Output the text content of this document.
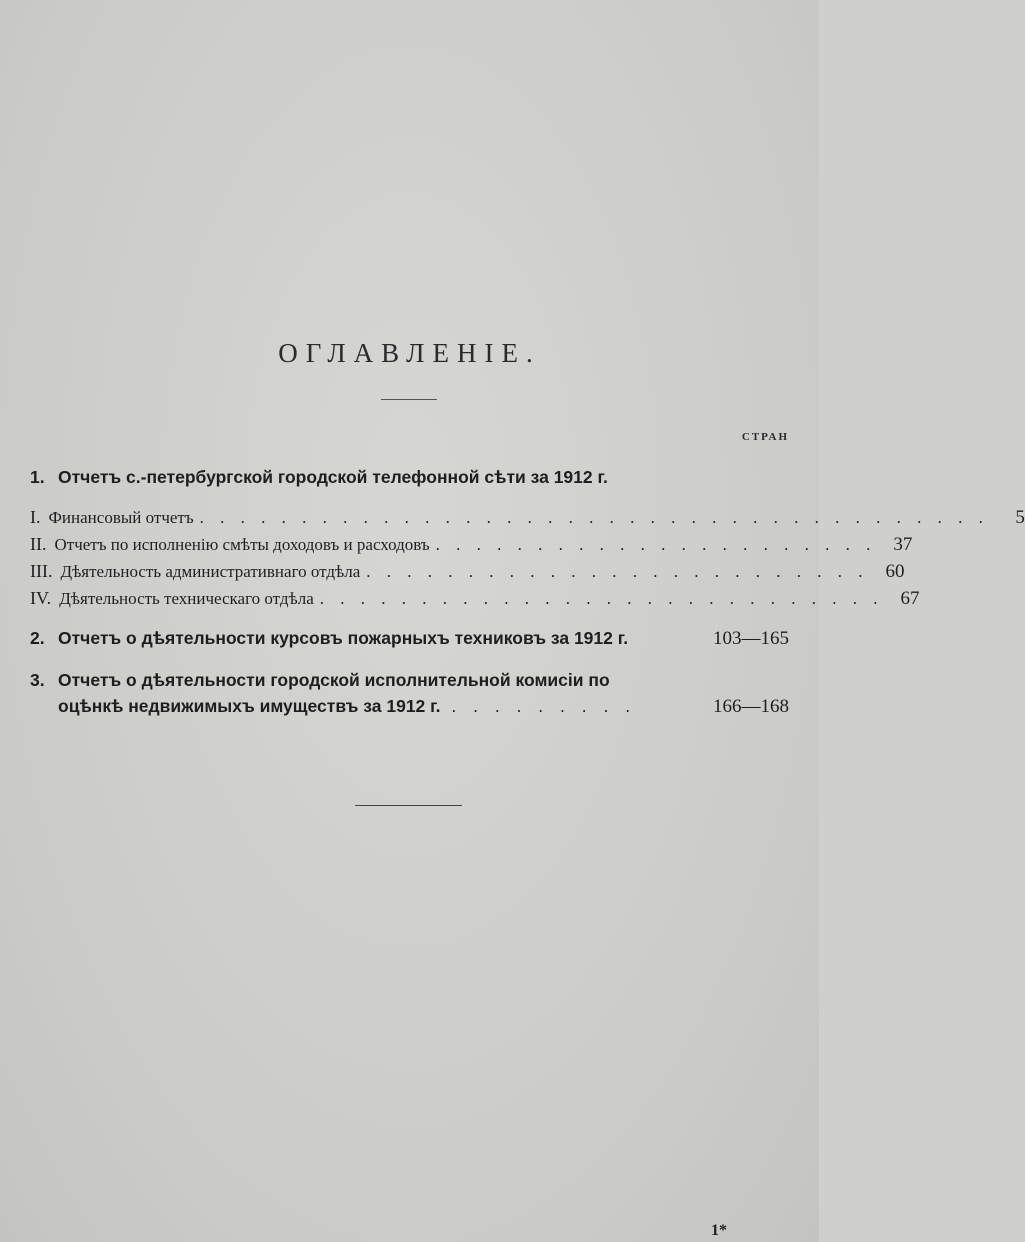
ОГЛАВЛЕНIЕ.
СТРАН
1. Отчетъ с.-петербургской городской телефонной сѣти за 1912 г.
I. Финансовый отчетъ . . . . . . . . . . . . . . . . . . . . . . . . . . . . . . . . . . . . . . .	5
II. Отчетъ по исполненiю смѣты доходовъ и расходовъ . . . . . . . . . . . . . . . . . . . . . . 37
III. Дѣятельность административнаго отдѣла . . . . . . . . . . . . . . . . . . . . . . . . . 60
IV. Дѣятельность техническаго отдѣла . . . . . . . . . . . . . . . . . . . . . . . . . . . . 67
2. Отчетъ о дѣятельности курсовъ пожарныхъ техниковъ за 1912 г.	103—165
3. Отчетъ о дѣятельности городской исполнительной комисiи по
оцѣнкѣ недвижимыхъ имуществъ за 1912 г. . . . . . . . . .	166—168
1*
